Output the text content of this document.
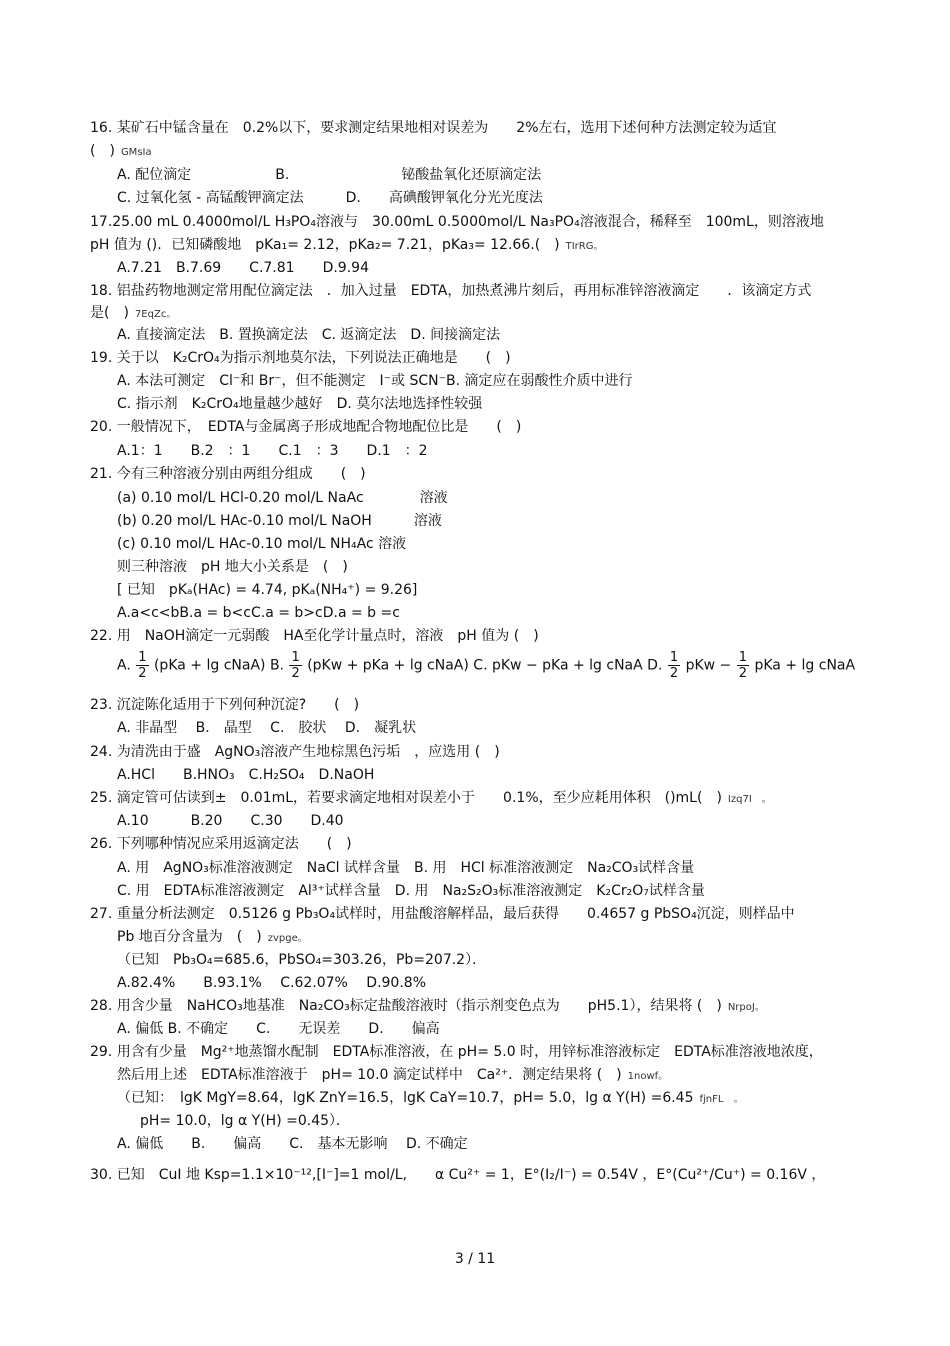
16. 某矿石中锰含量在　0.2%以下，要求测定结果地相对误差为　　2%左右，选用下述何种方法测定较为适宜
(　) GMsIa
A. 配位滴定　　　　　　B.　　　　　　　　铋酸盐氧化还原滴定法
C. 过氧化氢 - 高锰酸钾滴定法　　　D.　　高碘酸钾氧化分光光度法
17.25.00 mL 0.4000mol/L H₃PO₄溶液与　30.00mL 0.5000mol/L Na₃PO₄溶液混合，稀释至　100mL，则溶液地
pH 值为 ()．已知磷酸地　pKa₁= 2.12，pKa₂= 7.21，pKa₃= 12.66.(　) TIrRG。
A.7.21　B.7.69　　C.7.81　　D.9.94
18. 铝盐药物地测定常用配位滴定法　．加入过量　EDTA，加热煮沸片刻后，再用标准锌溶液滴定　　．该滴定方式
是(　) 7EqZc。
A. 直接滴定法　B. 置换滴定法　C. 返滴定法　D. 间接滴定法
19. 关于以　K₂CrO₄为指示剂地莫尔法，下列说法正确地是　　(　)
A. 本法可测定　Cl⁻和 Br⁻，但不能测定　I⁻或 SCN⁻B. 滴定应在弱酸性介质中进行
C. 指示剂　K₂CrO₄地量越少越好　D. 莫尔法地选择性较强
20. 一般情况下，　EDTA与金属离子形成地配合物地配位比是　　(　)
A.1：1　　B.2　：1　　C.1　：3　　D.1　：2
21. 今有三种溶液分别由两组分组成　　(　)
(a) 0.10 mol/L HCl-0.20 mol/L NaAc　　　　溶液
(b) 0.20 mol/L HAc-0.10 mol/L NaOH　　　溶液
(c) 0.10 mol/L HAc-0.10 mol/L NH₄Ac 溶液
则三种溶液　pH 地大小关系是　(　)
[ 已知　pKₐ(HAc) = 4.74, pKₐ(NH₄⁺) = 9.26]
A.a<c<bB.a = b<cC.a = b>cD.a = b =c
22. 用　NaOH滴定一元弱酸　HA至化学计量点时，溶液　pH 值为 (　)
23. 沉淀陈化适用于下列何种沉淀?　　(　)
A. 非晶型　 B.　晶型　 C.　胶状　 D.　凝乳状
24. 为清洗由于盛　AgNO₃溶液产生地棕黑色污垢　，应选用 (　)
A.HCl　　B.HNO₃　C.H₂SO₄　D.NaOH
25. 滴定管可估读到±　0.01mL，若要求滴定地相对误差小于　　0.1%，至少应耗用体积　()mL(　) Izq7I　。
A.10　　　B.20　　C.30　　D.40
26. 下列哪种情况应采用返滴定法　　(　)
A. 用　AgNO₃标准溶液测定　NaCl 试样含量　B. 用　HCl 标准溶液测定　Na₂CO₃试样含量
C. 用　EDTA标准溶液测定　Al³⁺试样含量　D. 用　Na₂S₂O₃标准溶液测定　K₂Cr₂O₇试样含量
27. 重量分析法测定　0.5126 g Pb₃O₄试样时，用盐酸溶解样品，最后获得　　0.4657 g PbSO₄沉淀，则样品中
Pb 地百分含量为　(　) zvpge。
（已知　Pb₃O₄=685.6，PbSO₄=303.26，Pb=207.2）．
A.82.4%　　B.93.1%　 C.62.07%　 D.90.8%
28. 用含少量　NaHCO₃地基准　Na₂CO₃标定盐酸溶液时（指示剂变色点为　　pH5.1），结果将 (　) NrpoJ。
A. 偏低 B. 不确定　　C.　　无误差　　D.　　偏高
29. 用含有少量　Mg²⁺地蒸馏水配制　EDTA标准溶液，在 pH= 5.0 时，用锌标准溶液标定　EDTA标准溶液地浓度，
然后用上述　EDTA标准溶液于　pH= 10.0 滴定试样中　Ca²⁺．测定结果将 (　) 1nowf。
（已知：　lgK MgY=8.64，lgK ZnY=16.5，lgK CaY=10.7，pH= 5.0，lg α Y(H) =6.45 fjnFL　。
pH= 10.0，lg α Y(H) =0.45）．
A. 偏低　　B.　　偏高　　C.　基本无影响　 D. 不确定
30. 已知　CuI 地 Ksp=1.1×10⁻¹²,[I⁻]=1 mol/L,　　α Cu²⁺ = 1，E°(I₂/I⁻) = 0.54V ，E°(Cu²⁺/Cu⁺) = 0.16V ，
A. $\frac{1}{2} (pKa + \lg$ cNaA) B. $\frac{1}{2} (pKw$ + pKa + lg cNaA) C. pKw − pKa + lg cNaA D. $\frac{1}{2}$ pKw − $\frac{1}{2}$ pKa + lg cNaA
3 / 11
